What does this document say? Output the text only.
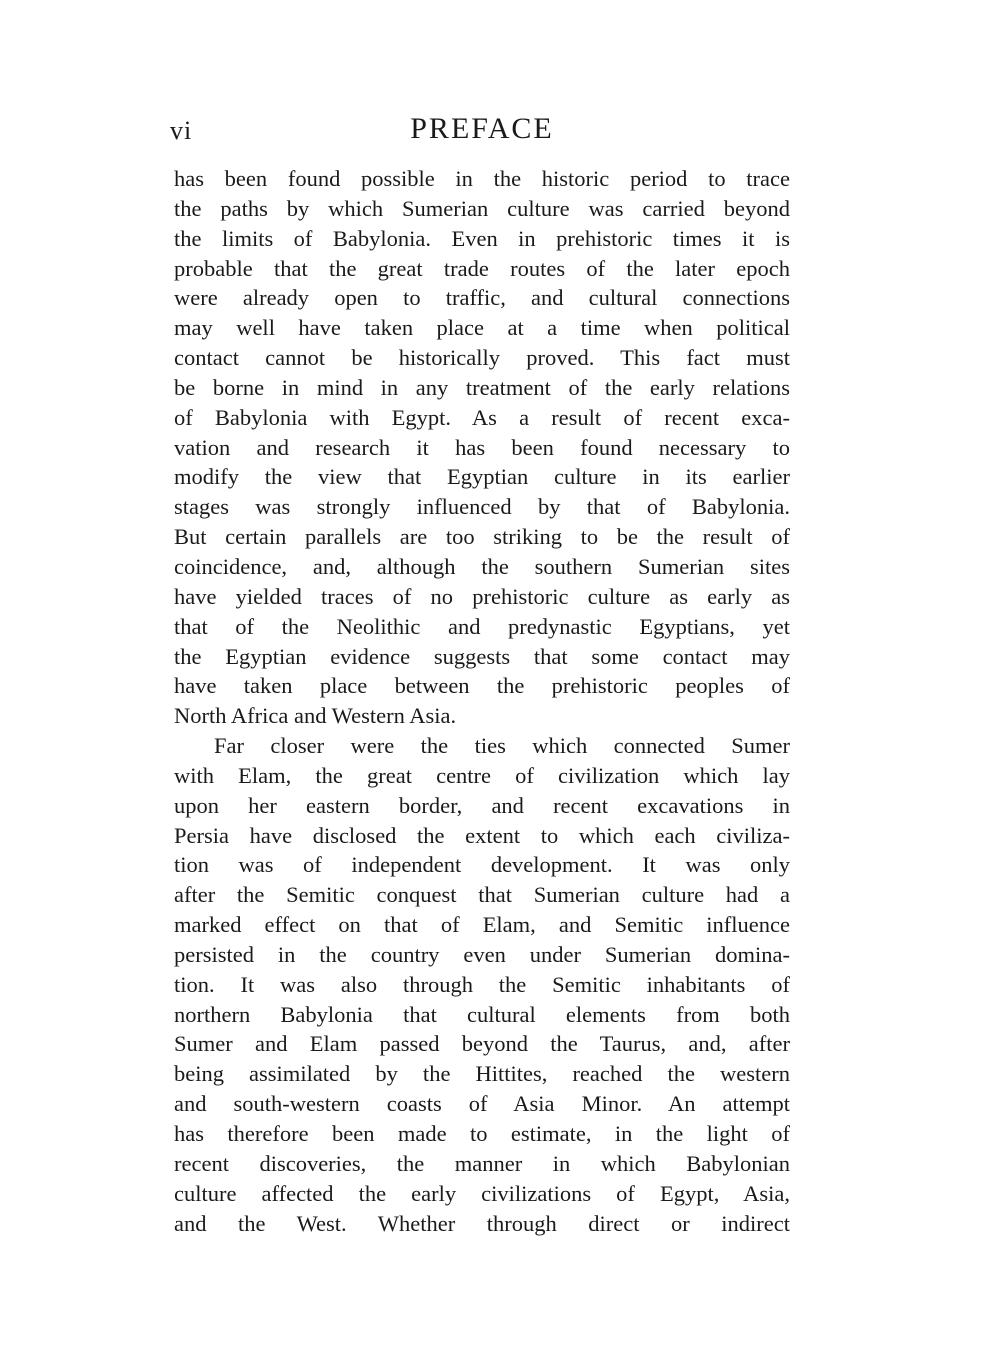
vi	PREFACE
has been found possible in the historic period to trace
the paths by which Sumerian culture was carried beyond
the limits of Babylonia. Even in prehistoric times it is
probable that the great trade routes of the later epoch
were already open to traffic, and cultural connections
may well have taken place at a time when political
contact cannot be historically proved. This fact must
be borne in mind in any treatment of the early relations
of Babylonia with Egypt. As a result of recent exca-
vation and research it has been found necessary to
modify the view that Egyptian culture in its earlier
stages was strongly influenced by that of Babylonia.
But certain parallels are too striking to be the result of
coincidence, and, although the southern Sumerian sites
have yielded traces of no prehistoric culture as early as
that of the Neolithic and predynastic Egyptians, yet
the Egyptian evidence suggests that some contact may
have taken place between the prehistoric peoples of
North Africa and Western Asia.
Far closer were the ties which connected Sumer
with Elam, the great centre of civilization which lay
upon her eastern border, and recent excavations in
Persia have disclosed the extent to which each civiliza-
tion was of independent development. It was only
after the Semitic conquest that Sumerian culture had a
marked effect on that of Elam, and Semitic influence
persisted in the country even under Sumerian domina-
tion. It was also through the Semitic inhabitants of
northern Babylonia that cultural elements from both
Sumer and Elam passed beyond the Taurus, and, after
being assimilated by the Hittites, reached the western
and south-western coasts of Asia Minor. An attempt
has therefore been made to estimate, in the light of
recent discoveries, the manner in which Babylonian
culture affected the early civilizations of Egypt, Asia,
and the West. Whether through direct or indirect
